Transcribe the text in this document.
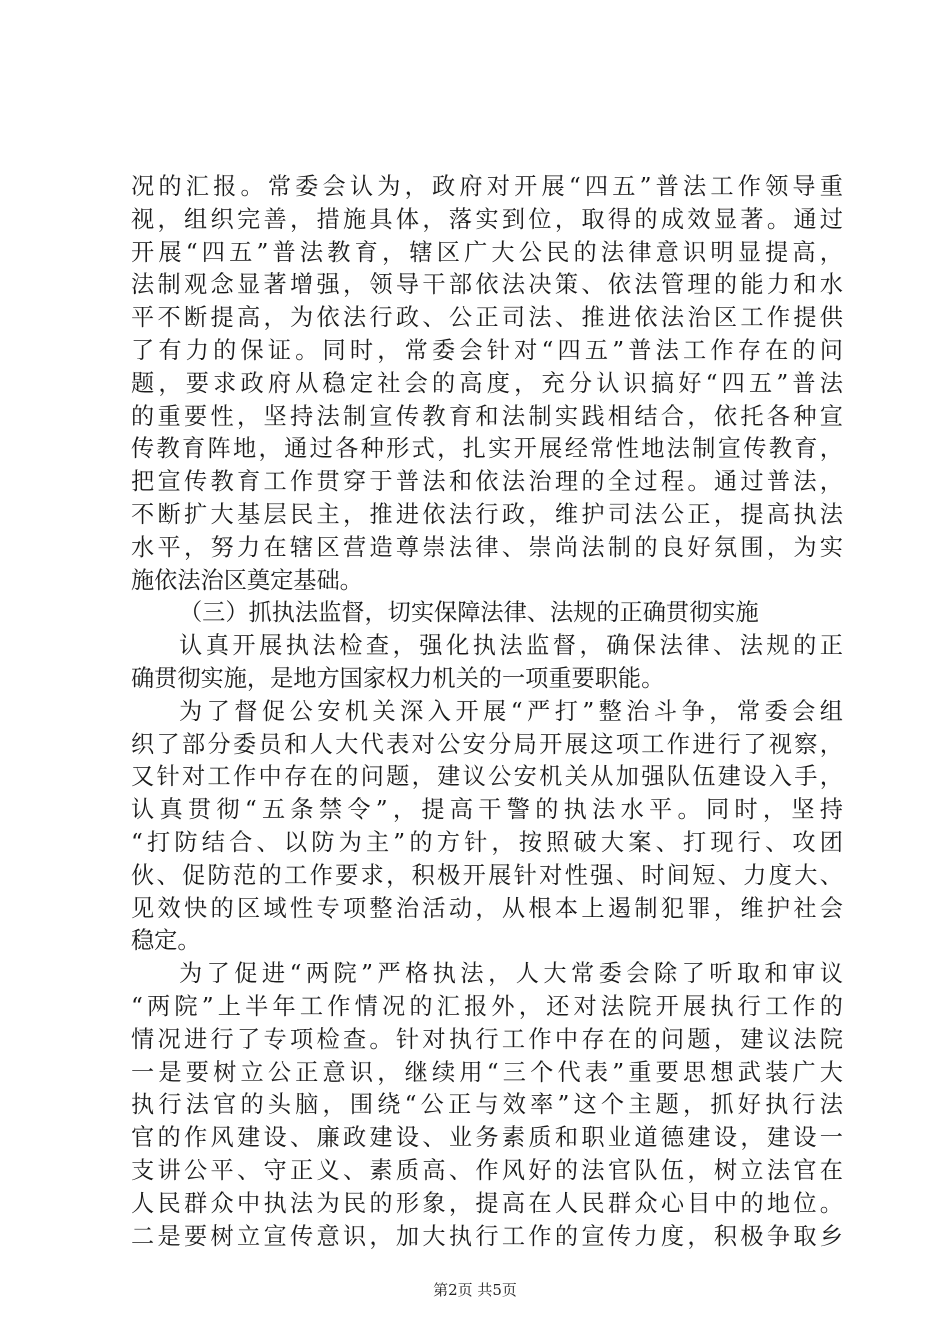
况的汇报。常委会认为，政府对开展“四五”普法工作领导重
视，组织完善，措施具体，落实到位，取得的成效显著。通过
开展“四五”普法教育，辖区广大公民的法律意识明显提高，
法制观念显著增强，领导干部依法决策、依法管理的能力和水
平不断提高，为依法行政、公正司法、推进依法治区工作提供
了有力的保证。同时，常委会针对“四五”普法工作存在的问
题，要求政府从稳定社会的高度，充分认识搞好“四五”普法
的重要性，坚持法制宣传教育和法制实践相结合，依托各种宣
传教育阵地，通过各种形式，扎实开展经常性地法制宣传教育，
把宣传教育工作贯穿于普法和依法治理的全过程。通过普法，
不断扩大基层民主，推进依法行政，维护司法公正，提高执法
水平，努力在辖区营造尊崇法律、崇尚法制的良好氛围，为实
施依法治区奠定基础。
（三）抓执法监督，切实保障法律、法规的正确贯彻实施
认真开展执法检查，强化执法监督，确保法律、法规的正
确贯彻实施，是地方国家权力机关的一项重要职能。
为了督促公安机关深入开展“严打”整治斗争，常委会组
织了部分委员和人大代表对公安分局开展这项工作进行了视察，
又针对工作中存在的问题，建议公安机关从加强队伍建设入手，
认真贯彻“五条禁令”，提高干警的执法水平。同时，坚持
“打防结合、以防为主”的方针，按照破大案、打现行、攻团
伙、促防范的工作要求，积极开展针对性强、时间短、力度大、
见效快的区域性专项整治活动，从根本上遏制犯罪，维护社会
稳定。
为了促进“两院”严格执法，人大常委会除了听取和审议
“两院”上半年工作情况的汇报外，还对法院开展执行工作的
情况进行了专项检查。针对执行工作中存在的问题，建议法院
一是要树立公正意识，继续用“三个代表”重要思想武装广大
执行法官的头脑，围绕“公正与效率”这个主题，抓好执行法
官的作风建设、廉政建设、业务素质和职业道德建设，建设一
支讲公平、守正义、素质高、作风好的法官队伍，树立法官在
人民群众中执法为民的形象，提高在人民群众心目中的地位。
二是要树立宣传意识，加大执行工作的宣传力度，积极争取乡
第2页 共5页
